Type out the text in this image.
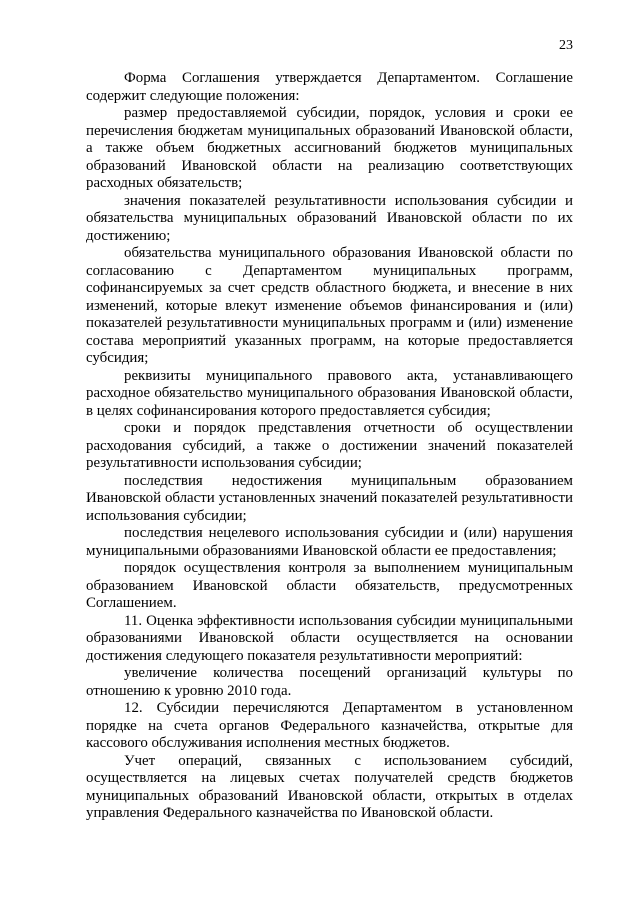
23

Форма Соглашения утверждается Департаментом. Соглашение содержит следующие положения:

размер предоставляемой субсидии, порядок, условия и сроки ее перечисления бюджетам муниципальных образований Ивановской области, а также объем бюджетных ассигнований бюджетов муниципальных образований Ивановской области на реализацию соответствующих расходных обязательств;

значения показателей результативности использования субсидии и обязательства муниципальных образований Ивановской области по их достижению;

обязательства муниципального образования Ивановской области по согласованию с Департаментом муниципальных программ, софинансируемых за счет средств областного бюджета, и внесение в них изменений, которые влекут изменение объемов финансирования и (или) показателей результативности муниципальных программ и (или) изменение состава мероприятий указанных программ, на которые предоставляется субсидия;

реквизиты муниципального правового акта, устанавливающего расходное обязательство муниципального образования Ивановской области, в целях софинансирования которого предоставляется субсидия;

сроки и порядок представления отчетности об осуществлении расходования субсидий, а также о достижении значений показателей результативности использования субсидии;

последствия недостижения муниципальным образованием Ивановской области установленных значений показателей результативности использования субсидии;

последствия нецелевого использования субсидии и (или) нарушения муниципальными образованиями Ивановской области ее предоставления;

порядок осуществления контроля за выполнением муниципальным образованием Ивановской области обязательств, предусмотренных Соглашением.

11. Оценка эффективности использования субсидии муниципальными образованиями Ивановской области осуществляется на основании достижения следующего показателя результативности мероприятий:

увеличение количества посещений организаций культуры по отношению к уровню 2010 года.

12. Субсидии перечисляются Департаментом в установленном порядке на счета органов Федерального казначейства, открытые для кассового обслуживания исполнения местных бюджетов.

Учет операций, связанных с использованием субсидий, осуществляется на лицевых счетах получателей средств бюджетов муниципальных образований Ивановской области, открытых в отделах управления Федерального казначейства по Ивановской области.
